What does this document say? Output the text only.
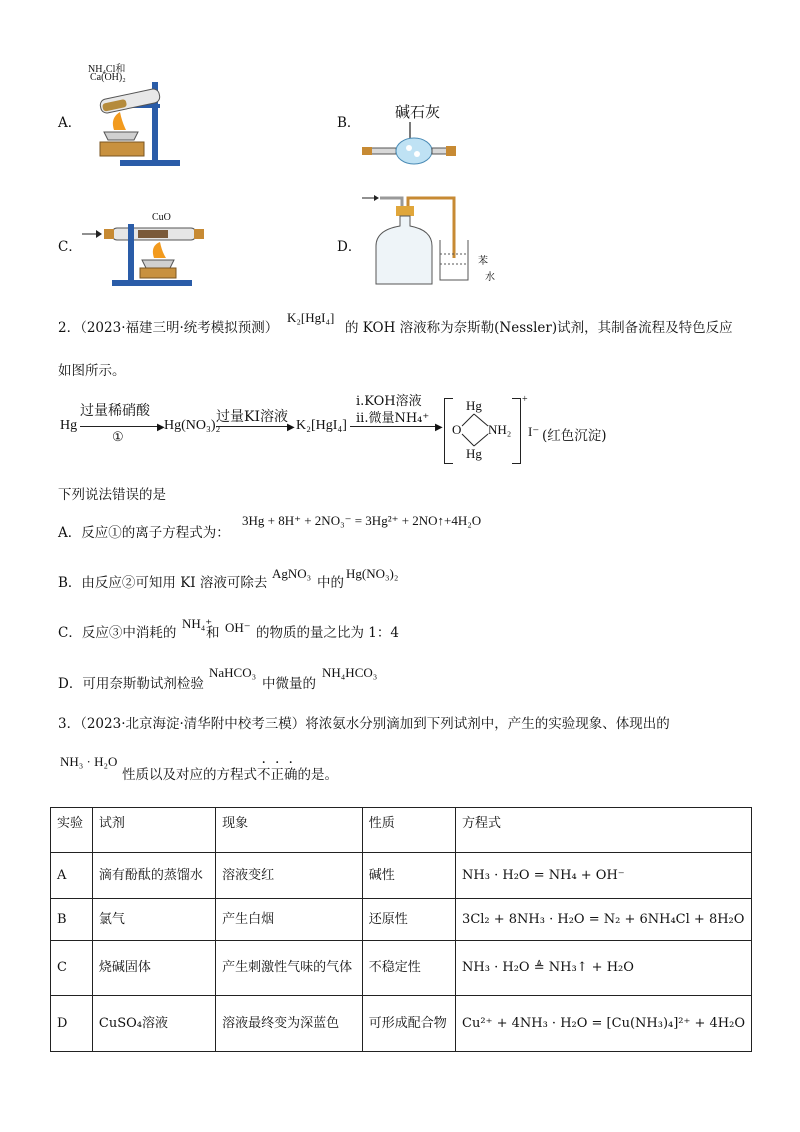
A．
NH₄Cl和
Ca(OH)₂
B．
碱石灰
C．
CuO
D．
苯
水
2．（2023·福建三明·统考模拟预测）
K₂[HgI₄]
的 KOH 溶液称为奈斯勒(Nessler)试剂，其制备流程及特色反应
如图所示。
Hg
过量稀硝酸
▶
①
Hg(NO₃)₂
过量KI溶液
▶ K₂[HgI₄]
i.KOH溶液
ii.微量NH₄⁺
▶
Hg
O NH₂
Hg
+
I⁻ (红色沉淀)
下列说法错误的是
A．反应①的离子方程式为：
3Hg + 8H⁺ + 2NO₃⁻ = 3Hg²⁺ + 2NO↑+4H₂O
B．由反应②可知用 KI 溶液可除去
AgNO₃
中的
Hg(NO₃)₂
C．反应③中消耗的
NH₄⁺
和 OH⁻ 的物质的量之比为 1：4
D．可用奈斯勒试剂检验
NaHCO₃
中微量的
NH₄HCO₃
3．（2023·北京海淀·清华附中校考三模）将浓氨水分别滴加到下列试剂中，产生的实验现象、体现出的
NH₃ · H₂O
性质以及对应的方程式不正确的是。
实验	试剂	现象	性质	方程式
A	滴有酚酞的蒸馏水	溶液变红	碱性	NH₃ · H₂O = NH₄ + OH⁻
B	氯气	产生白烟	还原性	3Cl₂ + 8NH₃ · H₂O = N₂ + 6NH₄Cl + 8H₂O
C	烧碱固体	产生刺激性气味的气体	不稳定性	NH₃ · H₂O ≜ NH₃↑ + H₂O
D	CuSO₄溶液	溶液最终变为深蓝色	可形成配合物	Cu²⁺ + 4NH₃ · H₂O = [Cu(NH₃)₄]²⁺ + 4H₂O
